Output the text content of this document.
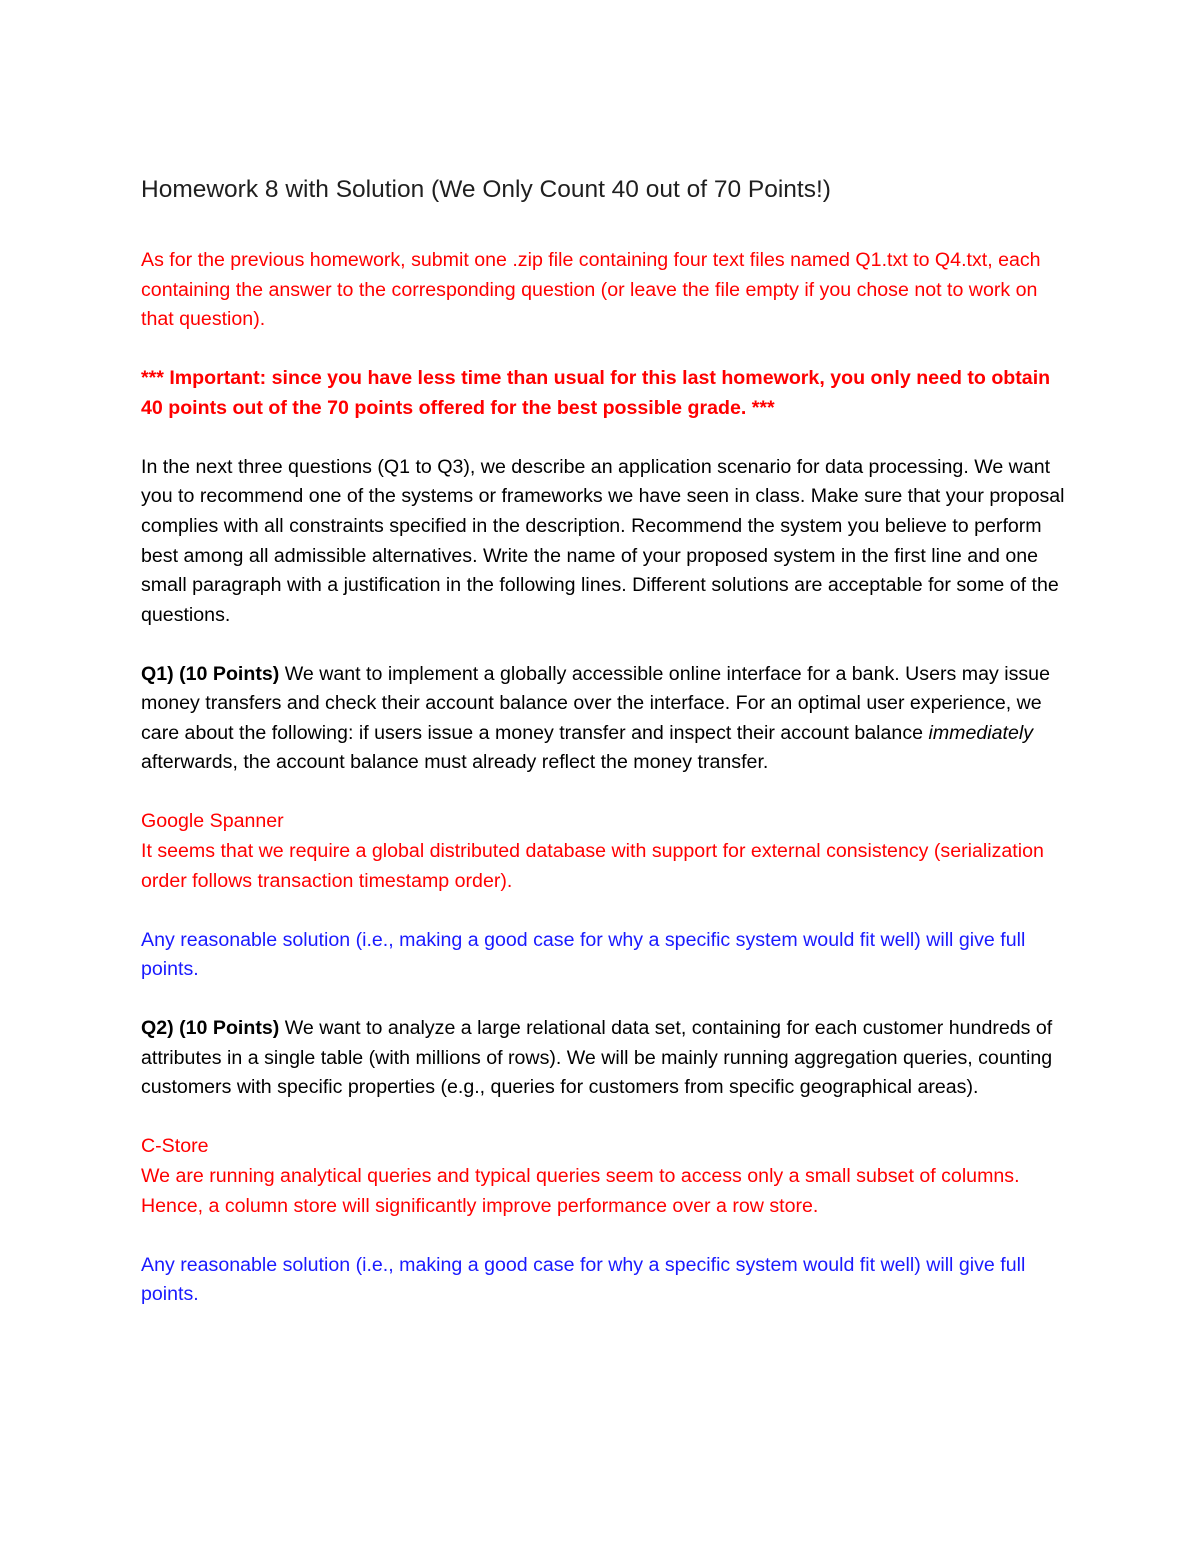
Homework 8 with Solution (We Only Count 40 out of 70 Points!)

As for the previous homework, submit one .zip file containing four text files named Q1.txt to Q4.txt, each containing the answer to the corresponding question (or leave the file empty if you chose not to work on that question).

*** Important: since you have less time than usual for this last homework, you only need to obtain 40 points out of the 70 points offered for the best possible grade. ***

In the next three questions (Q1 to Q3), we describe an application scenario for data processing. We want you to recommend one of the systems or frameworks we have seen in class. Make sure that your proposal complies with all constraints specified in the description. Recommend the system you believe to perform best among all admissible alternatives. Write the name of your proposed system in the first line and one small paragraph with a justification in the following lines. Different solutions are acceptable for some of the questions.

Q1) (10 Points) We want to implement a globally accessible online interface for a bank. Users may issue money transfers and check their account balance over the interface. For an optimal user experience, we care about the following: if users issue a money transfer and inspect their account balance immediately afterwards, the account balance must already reflect the money transfer.

Google Spanner
It seems that we require a global distributed database with support for external consistency (serialization order follows transaction timestamp order).

Any reasonable solution (i.e., making a good case for why a specific system would fit well) will give full points.

Q2) (10 Points) We want to analyze a large relational data set, containing for each customer hundreds of attributes in a single table (with millions of rows). We will be mainly running aggregation queries, counting customers with specific properties (e.g., queries for customers from specific geographical areas).

C-Store
We are running analytical queries and typical queries seem to access only a small subset of columns. Hence, a column store will significantly improve performance over a row store.

Any reasonable solution (i.e., making a good case for why a specific system would fit well) will give full points.
